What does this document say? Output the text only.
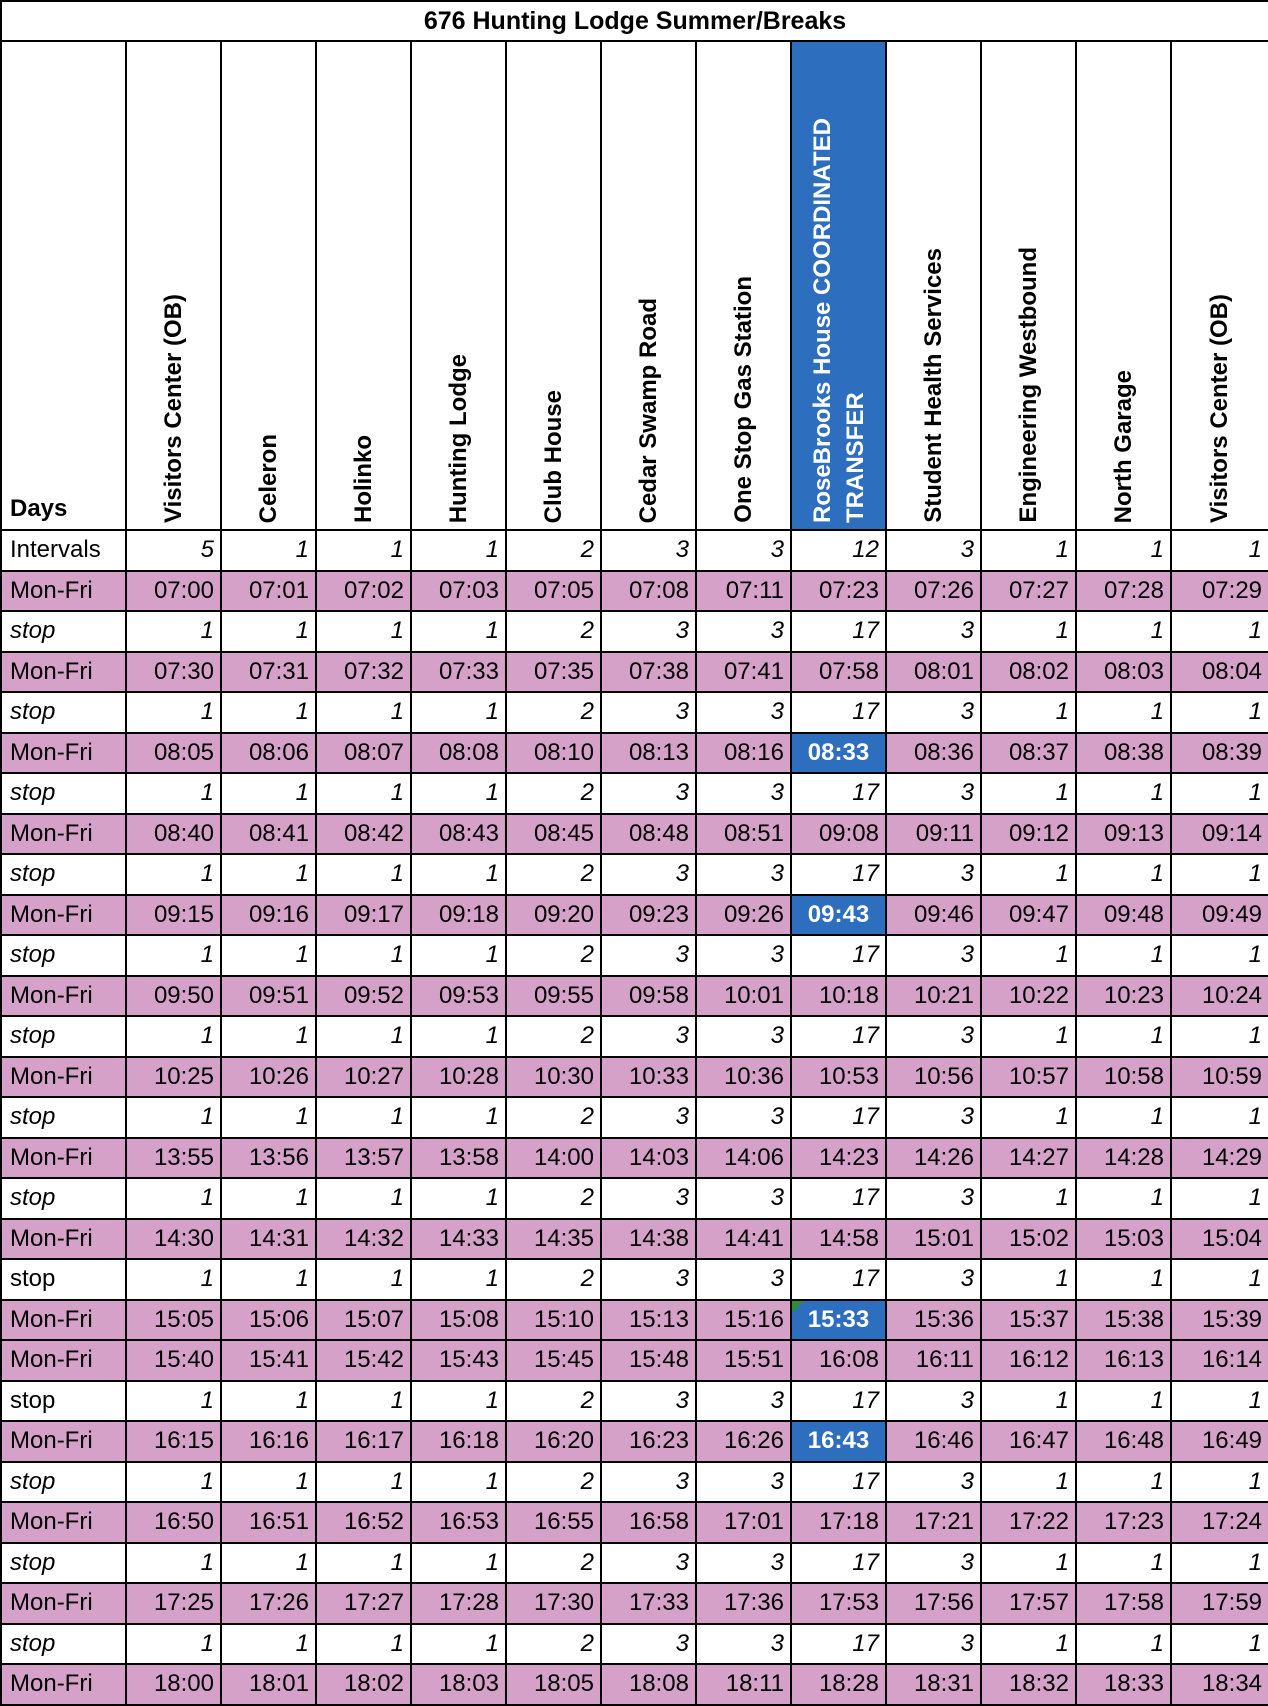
676 Hunting Lodge Summer/Breaks												
Days	Visitors Center (OB)	Celeron	Holinko	Hunting Lodge	Club House	Cedar Swamp Road	One Stop Gas Station	RoseBrooks House COORDINATED TRANSFER	Student Health Services	Engineering Westbound	North Garage	Visitors Center (OB)

Intervals	5	1	1	1	2	3	3	12	3	1	1	1
Mon-Fri	07:00	07:01	07:02	07:03	07:05	07:08	07:11	07:23	07:26	07:27	07:28	07:29
stop	1	1	1	1	2	3	3	17	3	1	1	1
Mon-Fri	07:30	07:31	07:32	07:33	07:35	07:38	07:41	07:58	08:01	08:02	08:03	08:04
stop	1	1	1	1	2	3	3	17	3	1	1	1
Mon-Fri	08:05	08:06	08:07	08:08	08:10	08:13	08:16	08:33	08:36	08:37	08:38	08:39
stop	1	1	1	1	2	3	3	17	3	1	1	1
Mon-Fri	08:40	08:41	08:42	08:43	08:45	08:48	08:51	09:08	09:11	09:12	09:13	09:14
stop	1	1	1	1	2	3	3	17	3	1	1	1
Mon-Fri	09:15	09:16	09:17	09:18	09:20	09:23	09:26	09:43	09:46	09:47	09:48	09:49
stop	1	1	1	1	2	3	3	17	3	1	1	1
Mon-Fri	09:50	09:51	09:52	09:53	09:55	09:58	10:01	10:18	10:21	10:22	10:23	10:24
stop	1	1	1	1	2	3	3	17	3	1	1	1
Mon-Fri	10:25	10:26	10:27	10:28	10:30	10:33	10:36	10:53	10:56	10:57	10:58	10:59
stop	1	1	1	1	2	3	3	17	3	1	1	1
Mon-Fri	13:55	13:56	13:57	13:58	14:00	14:03	14:06	14:23	14:26	14:27	14:28	14:29
stop	1	1	1	1	2	3	3	17	3	1	1	1
Mon-Fri	14:30	14:31	14:32	14:33	14:35	14:38	14:41	14:58	15:01	15:02	15:03	15:04
stop	1	1	1	1	2	3	3	17	3	1	1	1
Mon-Fri	15:05	15:06	15:07	15:08	15:10	15:13	15:16	15:33	15:36	15:37	15:38	15:39
Mon-Fri	15:40	15:41	15:42	15:43	15:45	15:48	15:51	16:08	16:11	16:12	16:13	16:14
stop	1	1	1	1	2	3	3	17	3	1	1	1
Mon-Fri	16:15	16:16	16:17	16:18	16:20	16:23	16:26	16:43	16:46	16:47	16:48	16:49
stop	1	1	1	1	2	3	3	17	3	1	1	1
Mon-Fri	16:50	16:51	16:52	16:53	16:55	16:58	17:01	17:18	17:21	17:22	17:23	17:24
stop	1	1	1	1	2	3	3	17	3	1	1	1
Mon-Fri	17:25	17:26	17:27	17:28	17:30	17:33	17:36	17:53	17:56	17:57	17:58	17:59
stop	1	1	1	1	2	3	3	17	3	1	1	1
Mon-Fri	18:00	18:01	18:02	18:03	18:05	18:08	18:11	18:28	18:31	18:32	18:33	18:34
